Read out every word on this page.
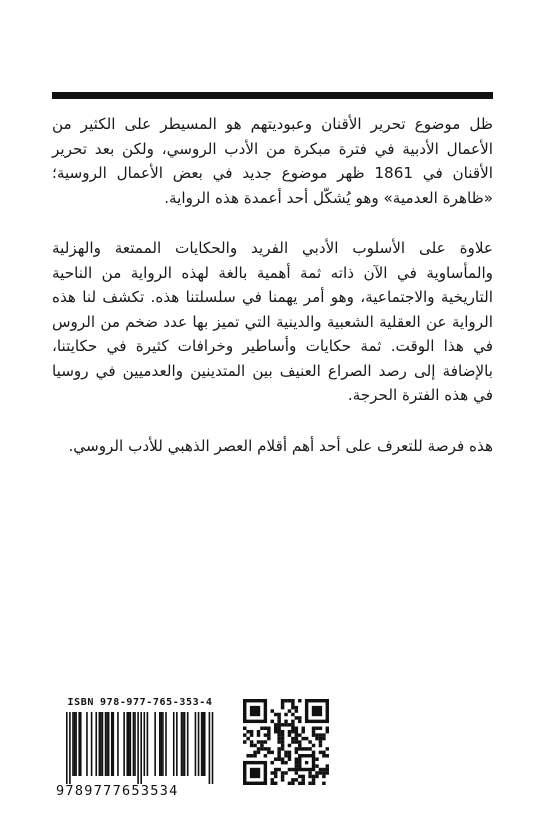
ظل موضوع تحرير الأقنان وعبوديتهم هو المسيطر على الكثير من الأعمال الأدبية في فترة مبكرة من الأدب الروسي، ولكن بعد تحرير الأقنان في 1861 ظهر موضوع جديد في بعض الأعمال الروسية؛ «ظاهرة العدمية» وهو يُشكّل أحد أعمدة هذه الرواية.

علاوة على الأسلوب الأدبي الفريد والحكايات الممتعة والهزلية والمأساوية في الآن ذاته ثمة أهمية بالغة لهذه الرواية من الناحية التاريخية والاجتماعية، وهو أمر يهمنا في سلسلتنا هذه. تكشف لنا هذه الرواية عن العقلية الشعبية والدينية التي تميز بها عدد ضخم من الروس في هذا الوقت. ثمة حكايات وأساطير وخرافات كثيرة في حكايتنا، بالإضافة إلى رصد الصراع العنيف بين المتدينين والعدميين في روسيا في هذه الفترة الحرجة.

هذه فرصة للتعرف على أحد أهم أقلام العصر الذهبي للأدب الروسي.

ISBN 978-977-765-353-4
9789777653534
